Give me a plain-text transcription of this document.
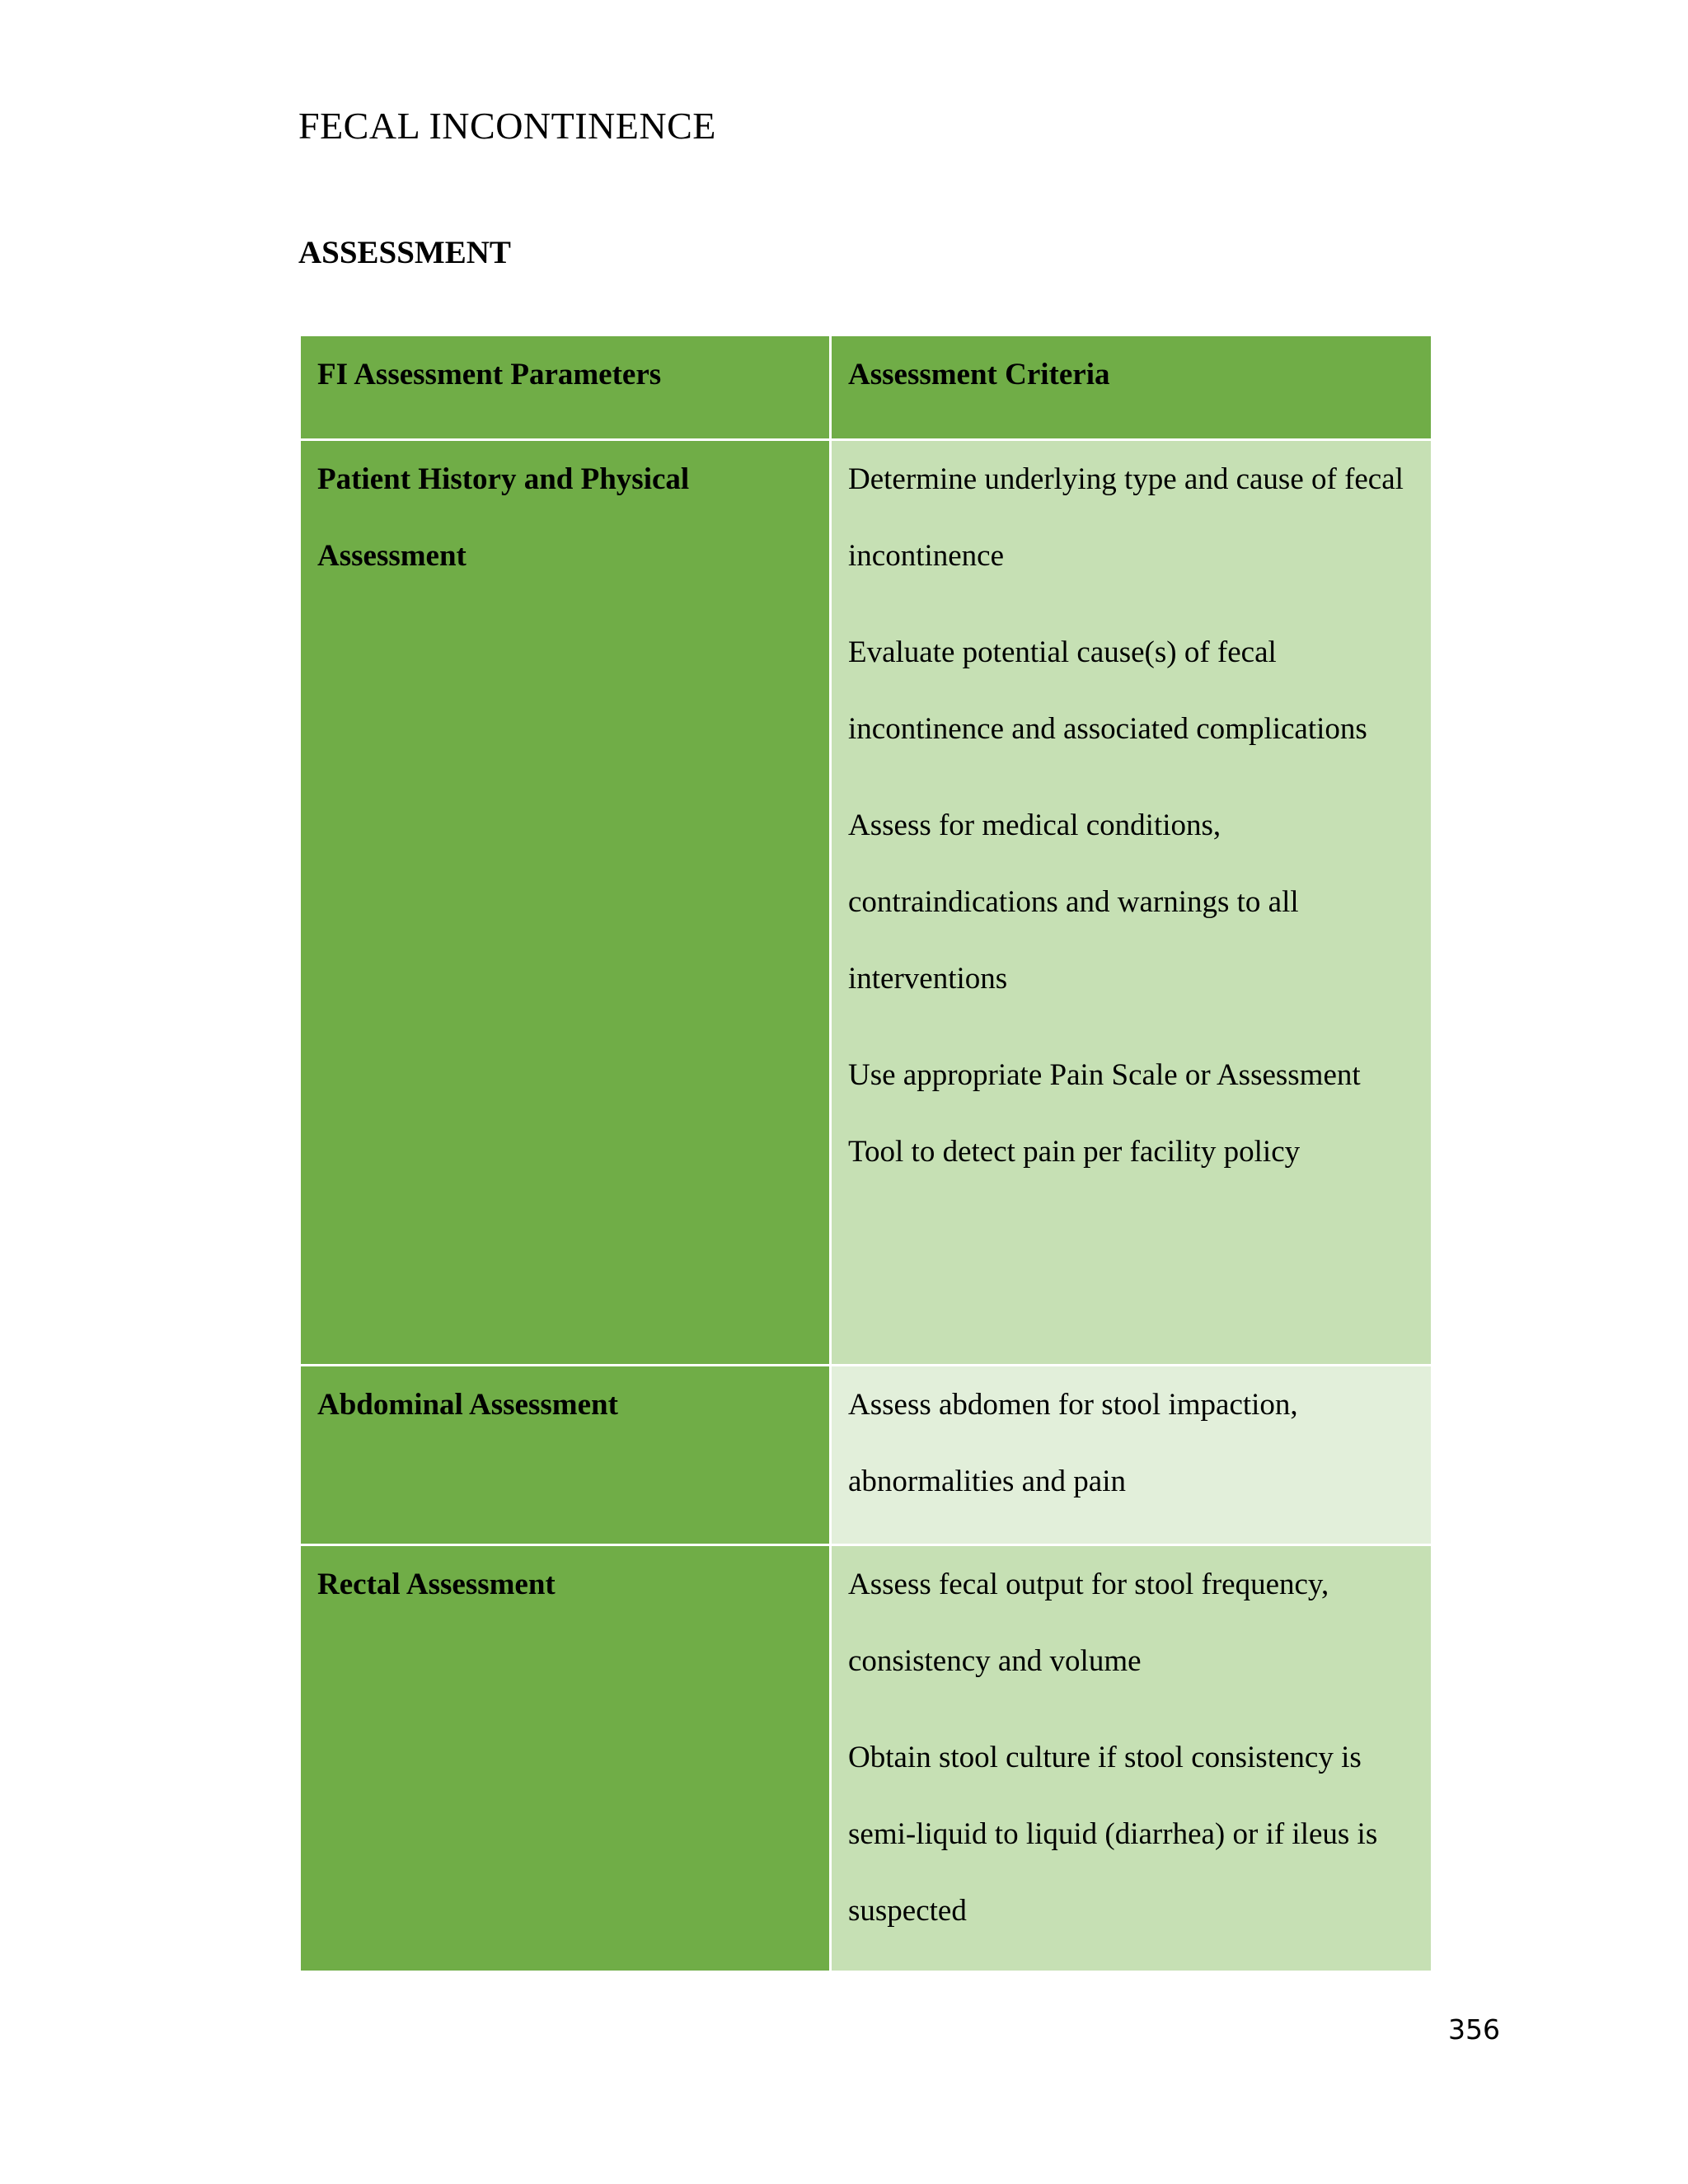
FECAL INCONTINENCE
ASSESSMENT
FI Assessment Parameters	Assessment Criteria
Patient History and Physical Assessment	Determine underlying type and cause of fecal incontinence

Evaluate potential cause(s) of fecal incontinence and associated complications

Assess for medical conditions, contraindications and warnings to all interventions

Use appropriate Pain Scale or Assessment Tool to detect pain per facility policy

Abdominal Assessment	Assess abdomen for stool impaction, abnormalities and pain

Rectal Assessment	Assess fecal output for stool frequency, consistency and volume

Obtain stool culture if stool consistency is semi-liquid to liquid (diarrhea) or if ileus is suspected

356
